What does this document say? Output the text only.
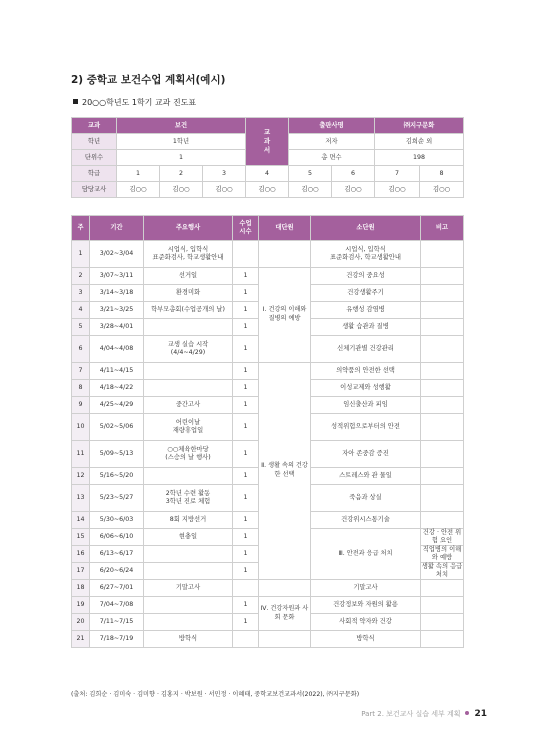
2) 중학교 보건수업 계획서(예시)
20○○학년도 1학기 교과 진도표
교과	보건			교과서	출판사명		㈜지구문화	
학년	1학년				저자		김희순 외	
단위수	1				총 면수		198	
학급	1	2	3	4	5	6	7	8
담당교사	김○○	김○○	김○○	김○○	김○○	김○○	김○○	김○○
주	기간	주요행사	수업 시수	대단원	소단원	비고	
1	3/02~3/04	시업식, 입학식
표준화검사, 학교생활안내			시업식, 입학식
표준화검사, 학교생활안내		
2	3/07~3/11	선거일	1	Ⅰ. 건강의 이해와 질병의 예방	건강의 중요성		
3	3/14~3/18	환경미화	1		건강생활주기		
4	3/21~3/25	학부모총회(수업공개의 날)	1		유행성 감염병		
5	3/28~4/01		1		생활 습관과 질병		
6	4/04~4/08	교생 실습 시작
(4/4~4/29)	1		신체기관별 건강관리		
7	4/11~4/15		1	Ⅱ. 생활 속의 건강한 선택	의약품의 안전한 선택		
8	4/18~4/22		1		이성교제와 성행활		
9	4/25~4/29	중간고사	1		임신출산과 피임		
10	5/02~5/06	어린이날
재량휴업일	1		성적위험으로부터의 안전		
11	5/09~5/13	○○체육한마당
(스승의 날 행사)	1		자아 존중감 증진		
12	5/16~5/20		1		스트레스와 관 물일		
13	5/23~5/27	2학년 수련 활동
3학년 진로 체험	1		죽음과 상실		
14	5/30~6/03	8회 지방선거	1		건강위시스통기술		
15	6/06~6/10	현충일	1		Ⅲ. 안전과 응급 처치	건강 · 안전 위험 요인	
16	6/13~6/17		1			직업병의 이해와 예방	
17	6/20~6/24		1			생활 속의 응급처치	
18	6/27~7/01	기말고사			기말고사		
19	7/04~7/08		1	Ⅳ. 건강자원과 사회 문화	건강정보와 자원의 활용		
20	7/11~7/15		1		사회적 약자와 건강		
21	7/18~7/19	방학식			방학식		
(출처: 김희순 · 김미숙 · 김미향 · 김홍지 · 박보원 · 서민정 · 이혜태, 중학교보건교과서(2022), ㈜지구문화)
Part 2. 보건교사 실습 세부 계획 21
